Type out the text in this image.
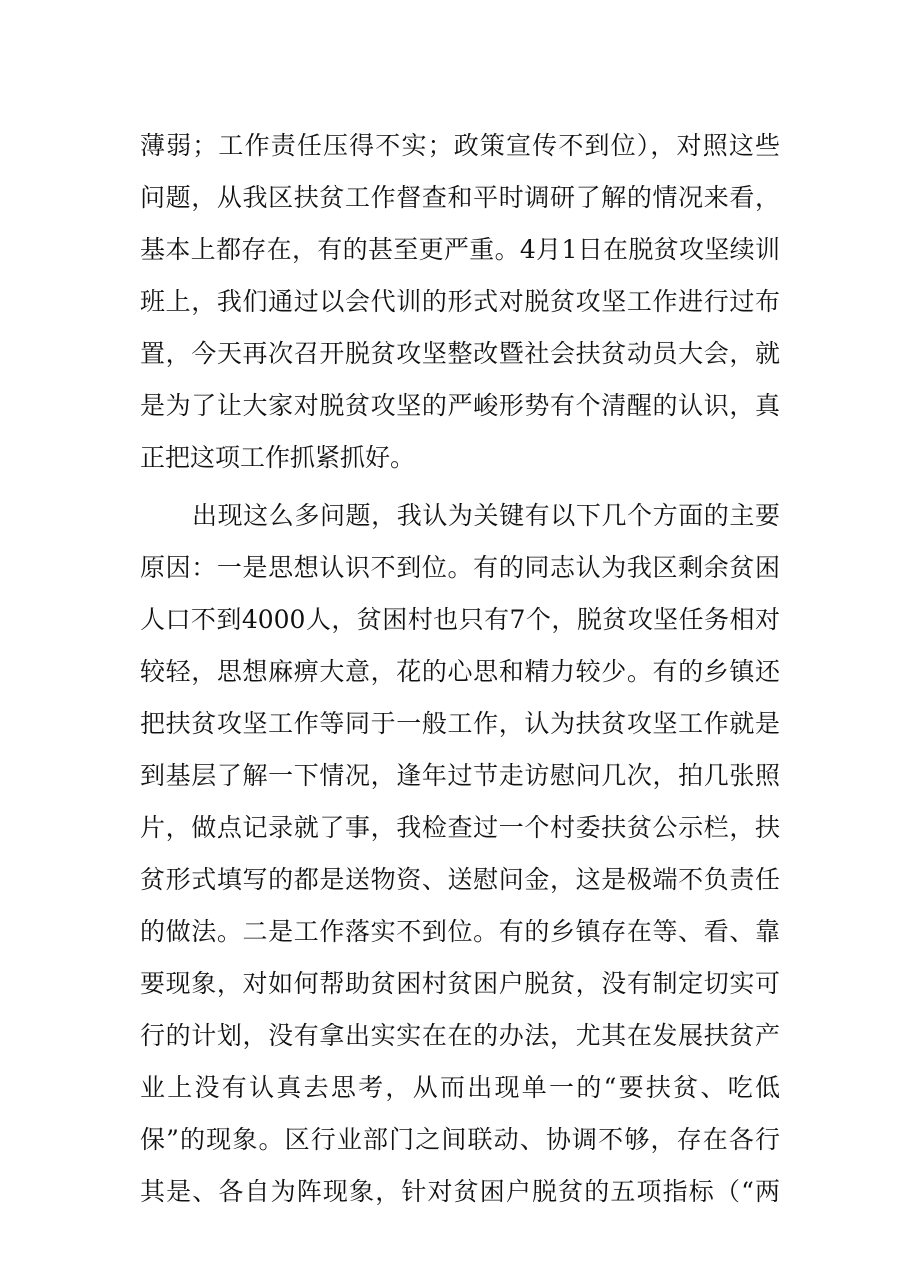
薄弱；工作责任压得不实；政策宣传不到位），对照这些
问题，从我区扶贫工作督查和平时调研了解的情况来看，
基本上都存在，有的甚至更严重。4月1日在脱贫攻坚续训
班上，我们通过以会代训的形式对脱贫攻坚工作进行过布
置，今天再次召开脱贫攻坚整改暨社会扶贫动员大会，就
是为了让大家对脱贫攻坚的严峻形势有个清醒的认识，真
正把这项工作抓紧抓好。
出现这么多问题，我认为关键有以下几个方面的主要
原因：一是思想认识不到位。有的同志认为我区剩余贫困
人口不到4000人，贫困村也只有7个，脱贫攻坚任务相对
较轻，思想麻痹大意，花的心思和精力较少。有的乡镇还
把扶贫攻坚工作等同于一般工作，认为扶贫攻坚工作就是
到基层了解一下情况，逢年过节走访慰问几次，拍几张照
片，做点记录就了事，我检查过一个村委扶贫公示栏，扶
贫形式填写的都是送物资、送慰问金，这是极端不负责任
的做法。二是工作落实不到位。有的乡镇存在等、看、靠
要现象，对如何帮助贫困村贫困户脱贫，没有制定切实可
行的计划，没有拿出实实在在的办法，尤其在发展扶贫产
业上没有认真去思考，从而出现单一的“要扶贫、吃低
保”的现象。区行业部门之间联动、协调不够，存在各行
其是、各自为阵现象，针对贫困户脱贫的五项指标（“两
